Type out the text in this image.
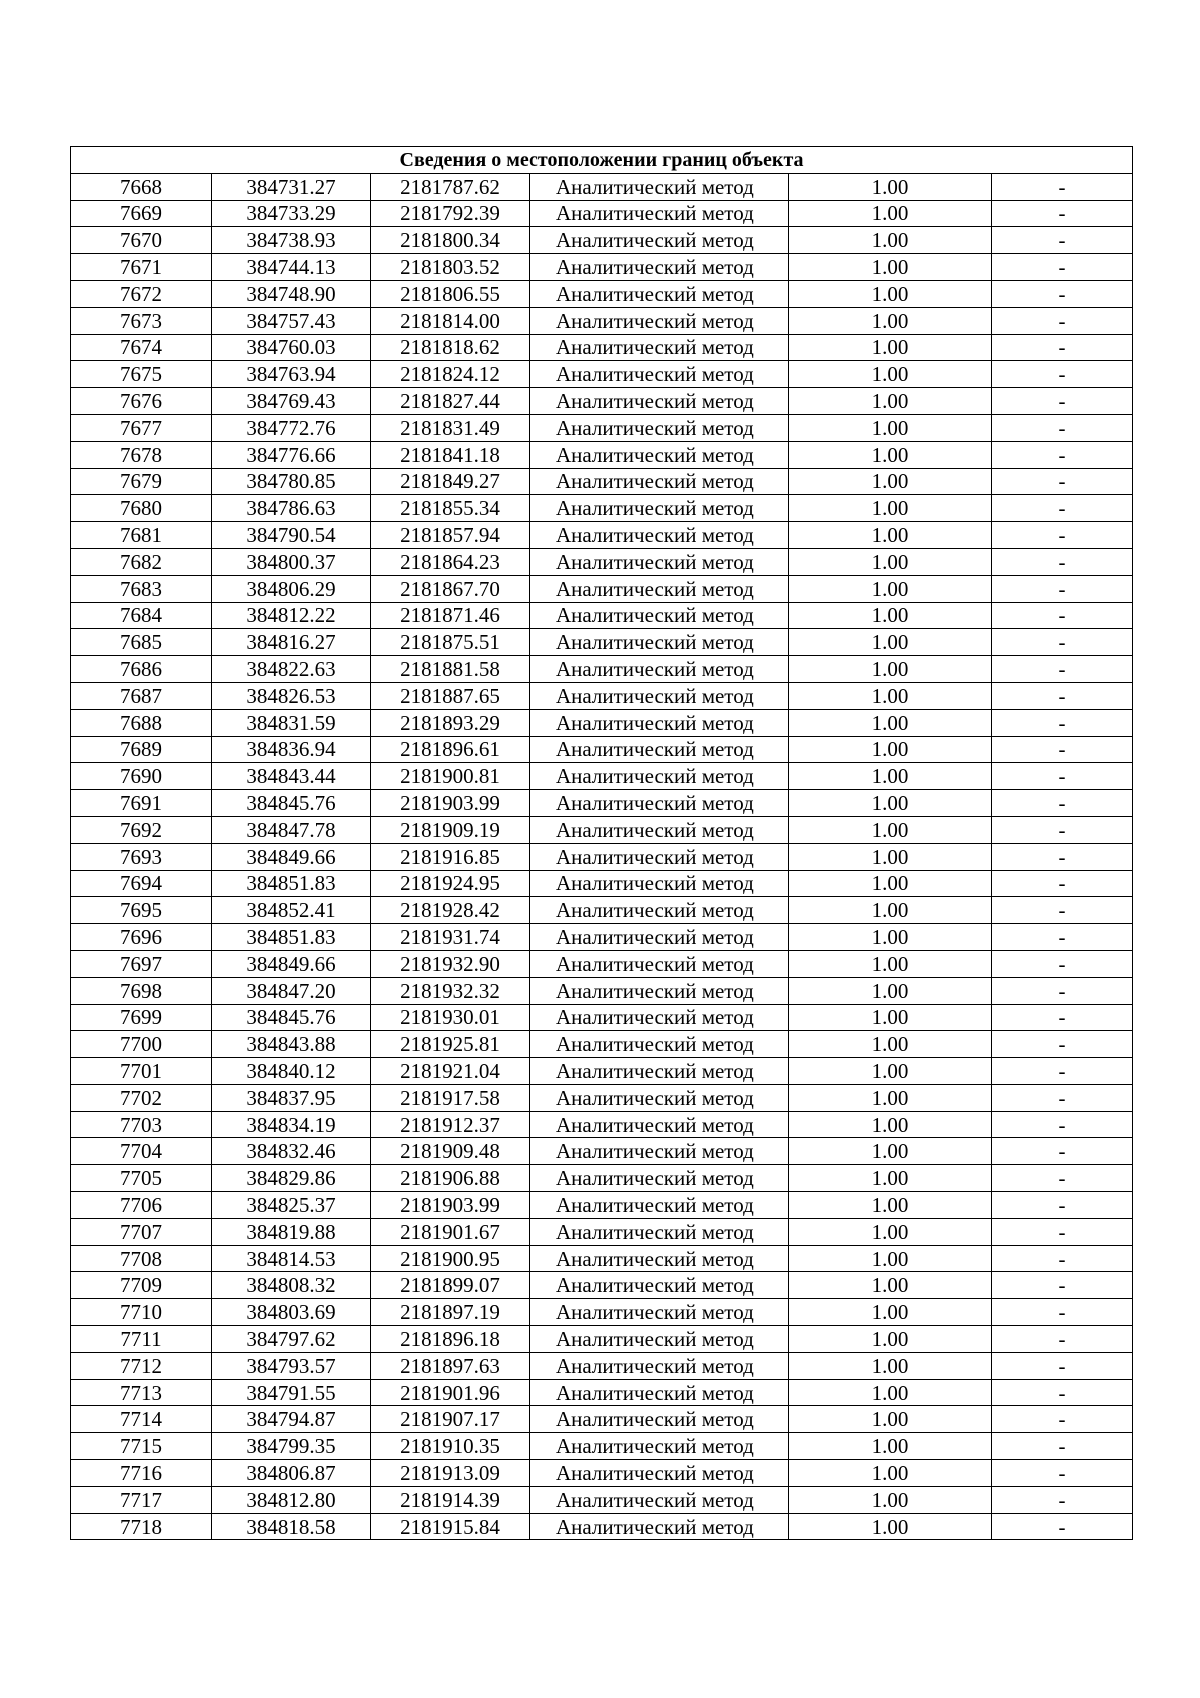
Сведения о местоположении границ объекта					
7668	384731.27	2181787.62	Аналитический метод	1.00	-
7669	384733.29	2181792.39	Аналитический метод	1.00	-
7670	384738.93	2181800.34	Аналитический метод	1.00	-
7671	384744.13	2181803.52	Аналитический метод	1.00	-
7672	384748.90	2181806.55	Аналитический метод	1.00	-
7673	384757.43	2181814.00	Аналитический метод	1.00	-
7674	384760.03	2181818.62	Аналитический метод	1.00	-
7675	384763.94	2181824.12	Аналитический метод	1.00	-
7676	384769.43	2181827.44	Аналитический метод	1.00	-
7677	384772.76	2181831.49	Аналитический метод	1.00	-
7678	384776.66	2181841.18	Аналитический метод	1.00	-
7679	384780.85	2181849.27	Аналитический метод	1.00	-
7680	384786.63	2181855.34	Аналитический метод	1.00	-
7681	384790.54	2181857.94	Аналитический метод	1.00	-
7682	384800.37	2181864.23	Аналитический метод	1.00	-
7683	384806.29	2181867.70	Аналитический метод	1.00	-
7684	384812.22	2181871.46	Аналитический метод	1.00	-
7685	384816.27	2181875.51	Аналитический метод	1.00	-
7686	384822.63	2181881.58	Аналитический метод	1.00	-
7687	384826.53	2181887.65	Аналитический метод	1.00	-
7688	384831.59	2181893.29	Аналитический метод	1.00	-
7689	384836.94	2181896.61	Аналитический метод	1.00	-
7690	384843.44	2181900.81	Аналитический метод	1.00	-
7691	384845.76	2181903.99	Аналитический метод	1.00	-
7692	384847.78	2181909.19	Аналитический метод	1.00	-
7693	384849.66	2181916.85	Аналитический метод	1.00	-
7694	384851.83	2181924.95	Аналитический метод	1.00	-
7695	384852.41	2181928.42	Аналитический метод	1.00	-
7696	384851.83	2181931.74	Аналитический метод	1.00	-
7697	384849.66	2181932.90	Аналитический метод	1.00	-
7698	384847.20	2181932.32	Аналитический метод	1.00	-
7699	384845.76	2181930.01	Аналитический метод	1.00	-
7700	384843.88	2181925.81	Аналитический метод	1.00	-
7701	384840.12	2181921.04	Аналитический метод	1.00	-
7702	384837.95	2181917.58	Аналитический метод	1.00	-
7703	384834.19	2181912.37	Аналитический метод	1.00	-
7704	384832.46	2181909.48	Аналитический метод	1.00	-
7705	384829.86	2181906.88	Аналитический метод	1.00	-
7706	384825.37	2181903.99	Аналитический метод	1.00	-
7707	384819.88	2181901.67	Аналитический метод	1.00	-
7708	384814.53	2181900.95	Аналитический метод	1.00	-
7709	384808.32	2181899.07	Аналитический метод	1.00	-
7710	384803.69	2181897.19	Аналитический метод	1.00	-
7711	384797.62	2181896.18	Аналитический метод	1.00	-
7712	384793.57	2181897.63	Аналитический метод	1.00	-
7713	384791.55	2181901.96	Аналитический метод	1.00	-
7714	384794.87	2181907.17	Аналитический метод	1.00	-
7715	384799.35	2181910.35	Аналитический метод	1.00	-
7716	384806.87	2181913.09	Аналитический метод	1.00	-
7717	384812.80	2181914.39	Аналитический метод	1.00	-
7718	384818.58	2181915.84	Аналитический метод	1.00	-
